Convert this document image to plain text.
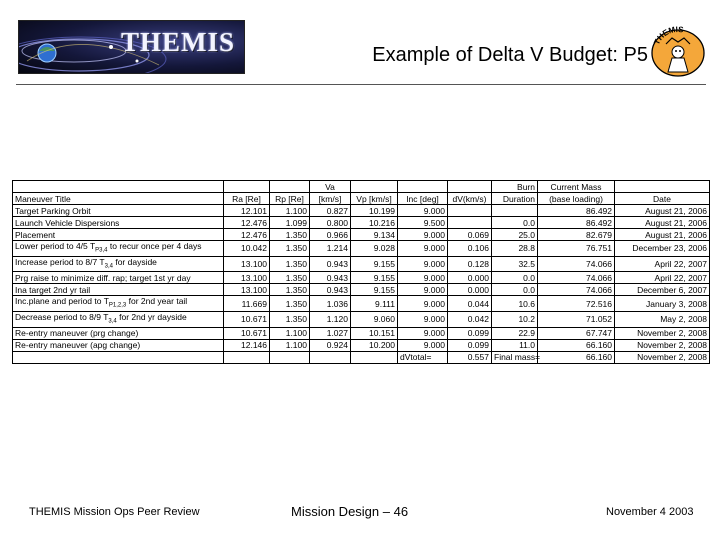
THEMIS	Example of Delta V Budget: P5
THEMIS
			Va				Burn	Current Mass	
Maneuver Title	Ra [Re]	Rp [Re]	[km/s]	Vp [km/s]	Inc [deg]	dV(km/s)	Duration	(base loading)	Date
Target Parking Orbit	12.101	1.100	0.827	10.199	9.000			86.492	August 21, 2006
Launch Vehicle Dispersions	12.476	1.099	0.800	10.216	9.500		0.0	86.492	August 21, 2006
Placement	12.476	1.350	0.966	9.134	9.000	0.069	25.0	82.679	August 21, 2006
Lower period to 4/5 $T_{P3,4}$ to recur once per 4 days	10.042	1.350	1.214	9.028	9.000	0.106	28.8	76.751	December 23, 2006
Increase period to 8/7 $T_{3,4}$ for dayside	13.100	1.350	0.943	9.155	9.000	0.128	32.5	74.066	April 22, 2007
Prg raise to minimize diff. rap; target 1st yr day	13.100	1.350	0.943	9.155	9.000	0.000	0.0	74.066	April 22, 2007
Ina target 2nd yr tail	13.100	1.350	0.943	9.155	9.000	0.000	0.0	74.066	December 6, 2007
Inc.plane and period to $T_{P1,2,3}$ for 2nd year tail	11.669	1.350	1.036	9.111	9.000	0.044	10.6	72.516	January 3, 2008
Decrease period to 8/9 $T_{3,4}$ for 2nd yr dayside	10.671	1.350	1.120	9.060	9.000	0.042	10.2	71.052	May 2, 2008
Re-entry maneuver (prg change)	10.671	1.100	1.027	10.151	9.000	0.099	22.9	67.747	November 2, 2008
Re-entry maneuver (apg change)	12.146	1.100	0.924	10.200	9.000	0.099	11.0	66.160	November 2, 2008
					dVtotal=	0.557	Final mass=	66.160	November 2, 2008
THEMIS Mission Ops Peer Review	Mission Design – 46	November 4 2003
